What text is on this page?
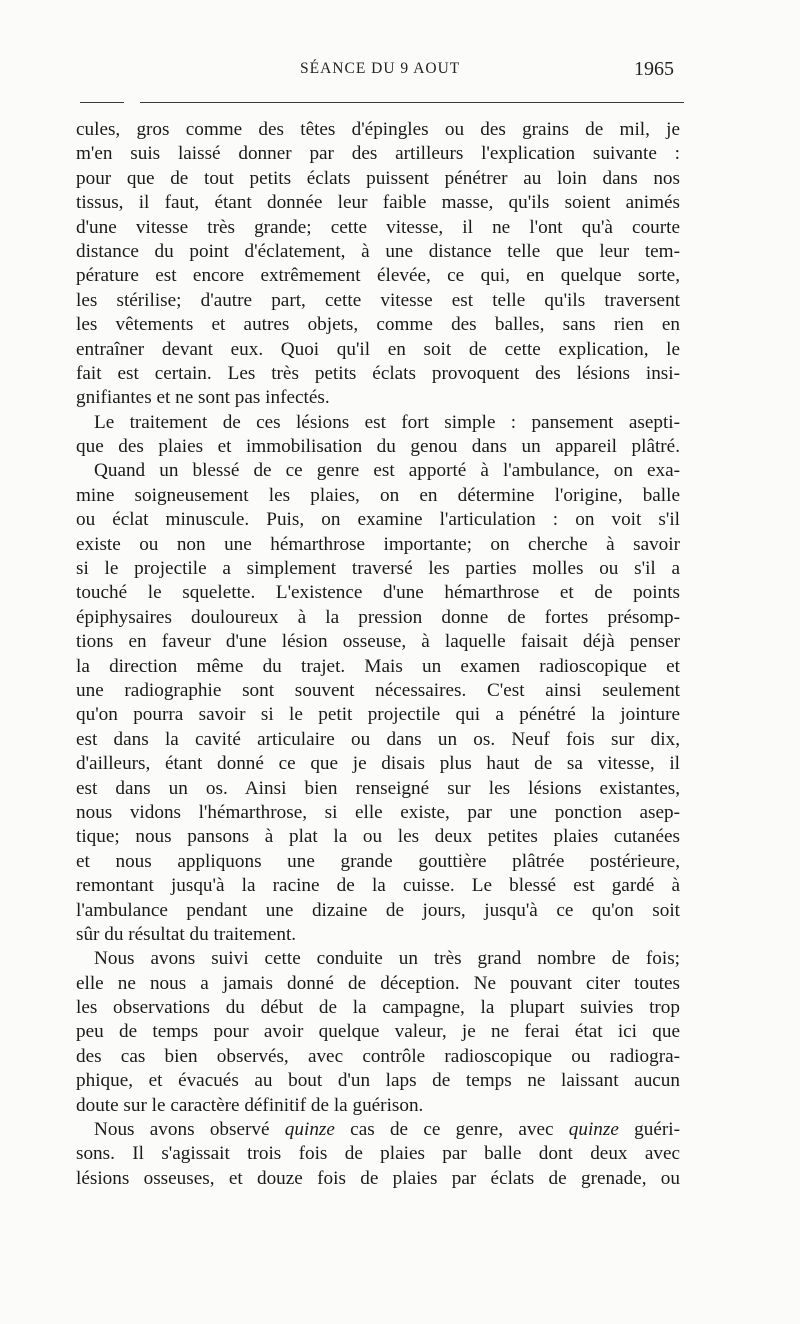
SÉANCE DU 9 AOUT	1965
cules, gros comme des têtes d'épingles ou des grains de mil, je
m'en suis laissé donner par des artilleurs l'explication suivante :
pour que de tout petits éclats puissent pénétrer au loin dans nos
tissus, il faut, étant donnée leur faible masse, qu'ils soient animés
d'une vitesse très grande; cette vitesse, il ne l'ont qu'à courte
distance du point d'éclatement, à une distance telle que leur tem-
pérature est encore extrêmement élevée, ce qui, en quelque sorte,
les stérilise; d'autre part, cette vitesse est telle qu'ils traversent
les vêtements et autres objets, comme des balles, sans rien en
entraîner devant eux. Quoi qu'il en soit de cette explication, le
fait est certain. Les très petits éclats provoquent des lésions insi-
gnifiantes et ne sont pas infectés.
Le traitement de ces lésions est fort simple : pansement asepti-
que des plaies et immobilisation du genou dans un appareil plâtré.
Quand un blessé de ce genre est apporté à l'ambulance, on exa-
mine soigneusement les plaies, on en détermine l'origine, balle
ou éclat minuscule. Puis, on examine l'articulation : on voit s'il
existe ou non une hémarthrose importante; on cherche à savoir
si le projectile a simplement traversé les parties molles ou s'il a
touché le squelette. L'existence d'une hémarthrose et de points
épiphysaires douloureux à la pression donne de fortes présomp-
tions en faveur d'une lésion osseuse, à laquelle faisait déjà penser
la direction même du trajet. Mais un examen radioscopique et
une radiographie sont souvent nécessaires. C'est ainsi seulement
qu'on pourra savoir si le petit projectile qui a pénétré la jointure
est dans la cavité articulaire ou dans un os. Neuf fois sur dix,
d'ailleurs, étant donné ce que je disais plus haut de sa vitesse, il
est dans un os. Ainsi bien renseigné sur les lésions existantes,
nous vidons l'hémarthrose, si elle existe, par une ponction asep-
tique; nous pansons à plat la ou les deux petites plaies cutanées
et nous appliquons une grande gouttière plâtrée postérieure,
remontant jusqu'à la racine de la cuisse. Le blessé est gardé à
l'ambulance pendant une dizaine de jours, jusqu'à ce qu'on soit
sûr du résultat du traitement.
Nous avons suivi cette conduite un très grand nombre de fois;
elle ne nous a jamais donné de déception. Ne pouvant citer toutes
les observations du début de la campagne, la plupart suivies trop
peu de temps pour avoir quelque valeur, je ne ferai état ici que
des cas bien observés, avec contrôle radioscopique ou radiogra-
phique, et évacués au bout d'un laps de temps ne laissant aucun
doute sur le caractère définitif de la guérison.
Nous avons observé quinze cas de ce genre, avec quinze guéri-
sons. Il s'agissait trois fois de plaies par balle dont deux avec
lésions osseuses, et douze fois de plaies par éclats de grenade, ou
